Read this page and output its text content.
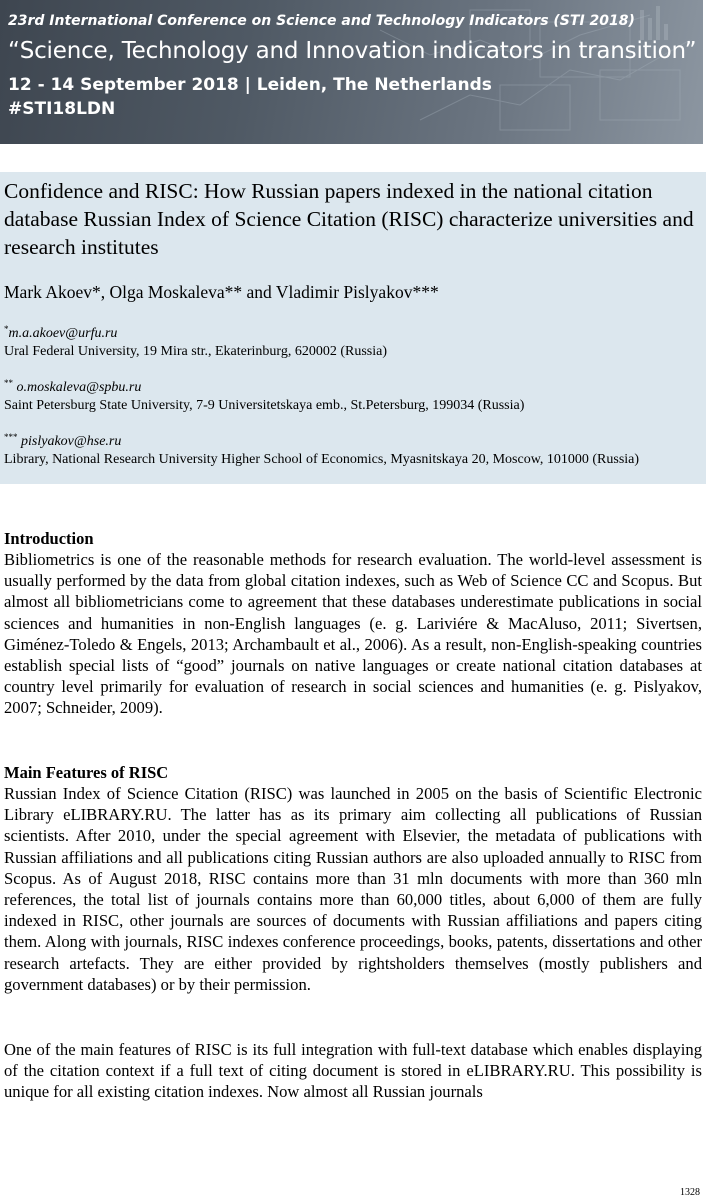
23rd International Conference on Science and Technology Indicators (STI 2018)
“Science, Technology and Innovation indicators in transition”
12 - 14 September 2018 | Leiden, The Netherlands
#STI18LDN
Confidence and RISC: How Russian papers indexed in the national citation database Russian Index of Science Citation (RISC) characterize universities and research institutes
Mark Akoev*, Olga Moskaleva** and Vladimir Pislyakov***
*m.a.akoev@urfu.ru
Ural Federal University, 19 Mira str., Ekaterinburg, 620002 (Russia)
** o.moskaleva@spbu.ru
Saint Petersburg State University, 7-9 Universitetskaya emb., St.Petersburg, 199034 (Russia)
*** pislyakov@hse.ru
Library, National Research University Higher School of Economics, Myasnitskaya 20, Moscow, 101000 (Russia)
Introduction

Bibliometrics is one of the reasonable methods for research evaluation. The world-level assessment is usually performed by the data from global citation indexes, such as Web of Science CC and Scopus. But almost all bibliometricians come to agreement that these databases underestimate publications in social sciences and humanities in non-English languages (e. g. Lariviére & MacAluso, 2011; Sivertsen, Giménez-Toledo & Engels, 2013; Archambault et al., 2006). As a result, non-English-speaking countries establish special lists of “good” journals on native languages or create national citation databases at country level primarily for evaluation of research in social sciences and humanities (e. g. Pislyakov, 2007; Schneider, 2009).

Main Features of RISC

Russian Index of Science Citation (RISC) was launched in 2005 on the basis of Scientific Electronic Library eLIBRARY.RU. The latter has as its primary aim collecting all publications of Russian scientists. After 2010, under the special agreement with Elsevier, the metadata of publications with Russian affiliations and all publications citing Russian authors are also uploaded annually to RISC from Scopus. As of August 2018, RISC contains more than 31 mln documents with more than 360 mln references, the total list of journals contains more than 60,000 titles, about 6,000 of them are fully indexed in RISC, other journals are sources of documents with Russian affiliations and papers citing them. Along with journals, RISC indexes conference proceedings, books, patents, dissertations and other research artefacts. They are either provided by rightsholders themselves (mostly publishers and government databases) or by their permission.

One of the main features of RISC is its full integration with full-text database which enables displaying of the citation context if a full text of citing document is stored in eLIBRARY.RU. This possibility is unique for all existing citation indexes. Now almost all Russian journals

1328
